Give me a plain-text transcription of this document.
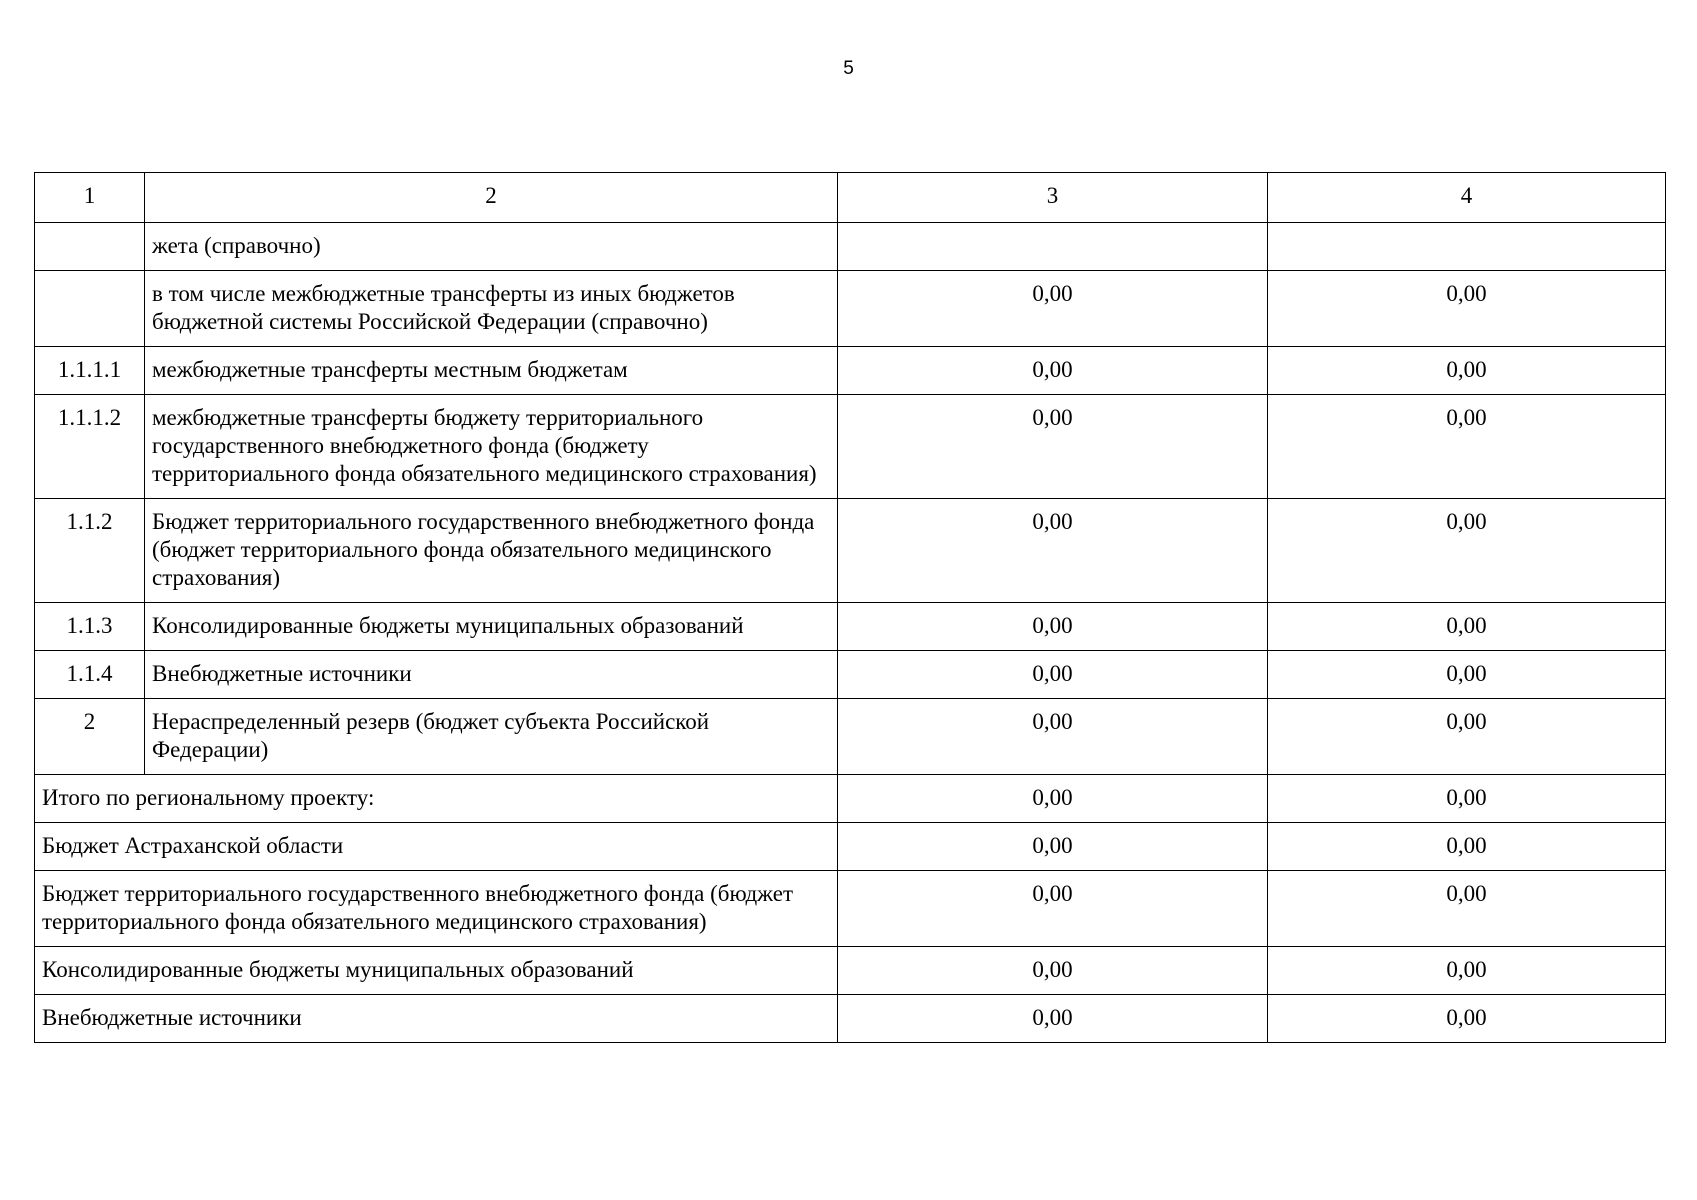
5
1	2	3	4
	жета (справочно)		
	в том числе межбюджетные трансферты из иных бюджетов бюджетной системы Российской Федерации (справочно)	0,00	0,00
1.1.1.1	межбюджетные трансферты местным бюджетам	0,00	0,00
1.1.1.2	межбюджетные трансферты бюджету территориального государственного внебюджетного фонда (бюджету территориального фонда обязательного медицинского страхования)	0,00	0,00
1.1.2	Бюджет территориального государственного внебюджетного фонда (бюджет территориального фонда обязательного медицинского страхования)	0,00	0,00
1.1.3	Консолидированные бюджеты муниципальных образований	0,00	0,00
1.1.4	Внебюджетные источники	0,00	0,00
2	Нераспределенный резерв (бюджет субъекта Российской Федерации)	0,00	0,00
Итого по региональному проекту:		0,00	0,00
Бюджет Астраханской области		0,00	0,00
Бюджет территориального государственного внебюджетного фонда (бюджет территориального фонда обязательного медицинского страхования)		0,00	0,00
Консолидированные бюджеты муниципальных образований		0,00	0,00
Внебюджетные источники		0,00	0,00
